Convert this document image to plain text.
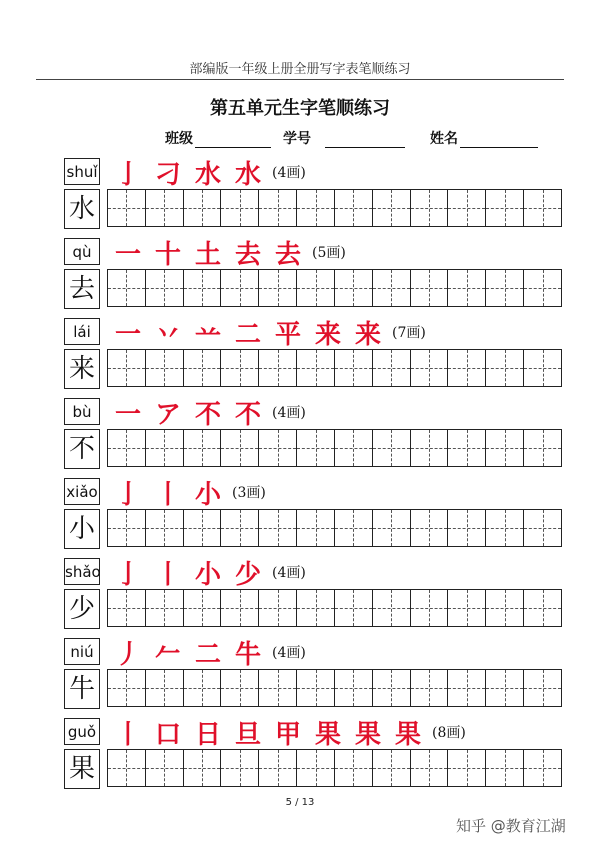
部编版一年级上册全册写字表笔顺练习
第五单元生字笔顺练习
班级	学号	姓名
shuǐ
水
亅 刁 水 水 (4画)
qù
去
一 十 土 去 去 (5画)
lái
来
一 丷 䒑 二 平 来 来 (7画)
bù
不
一 ア 不 不 (4画)
xiǎo
小
亅 丨 小 (3画)
shǎo
少
亅 丨 小 少 (4画)
niú
牛
丿 𠂉 二 牛 (4画)
guǒ
果
丨 口 日 旦 甲 果 果 果 (8画)
5 / 13
知乎 @教育江湖
